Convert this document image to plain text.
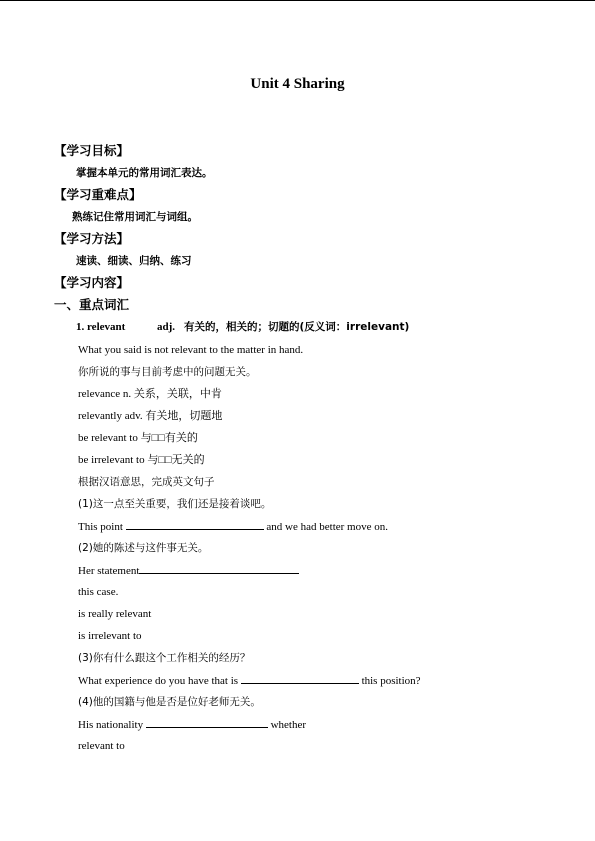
Unit 4 Sharing
【学习目标】
掌握本单元的常用词汇表达。
【学习重难点】
熟练记住常用词汇与词组。
【学习方法】
速读、细读、归纳、练习
【学习内容】
一、重点词汇
1. relevant	adj. 有关的，相关的；切题的(反义词：irrelevant)
What you said is not relevant to the matter in hand.
你所说的事与目前考虑中的问题无关。
relevance n. 关系，关联，中肯
relevantly adv. 有关地，切题地
be relevant to 与□□有关的
be irrelevant to 与□□无关的
根据汉语意思，完成英文句子
(1)这一点至关重要，我们还是接着谈吧。
This point	and we had better move on.
(2)她的陈述与这件事无关。
Her statement
this case.
is really relevant
is irrelevant to
(3)你有什么跟这个工作相关的经历？
What experience do you have that is	this position?
(4)他的国籍与他是否是位好老师无关。
His nationality	whether
relevant to
